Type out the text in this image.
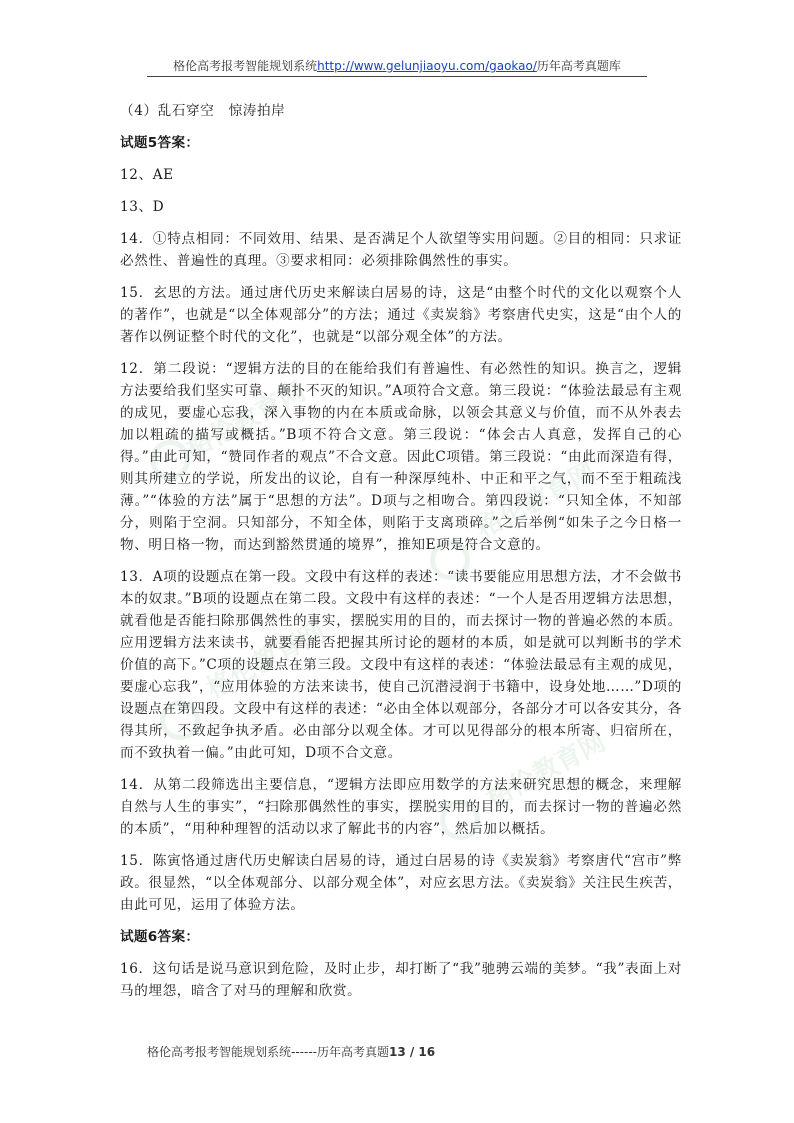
格伦高考报考智能规划系统http://www.gelunjiaoyu.com/gaokao/历年高考真题库
格伦教育网
格伦教育网
格伦教育网
格伦教育网

（4）乱石穿空　惊涛拍岸

试题5答案：

12、AE

13、D

14．①特点相同：不同效用、结果、是否满足个人欲望等实用问题。②目的相同：只求证必然性、普遍性的真理。③要求相同：必须排除偶然性的事实。

15．玄思的方法。通过唐代历史来解读白居易的诗，这是“由整个时代的文化以观察个人的著作”，也就是“以全体观部分”的方法；通过《卖炭翁》考察唐代史实，这是“由个人的著作以例证整个时代的文化”，也就是“以部分观全体”的方法。

12．第二段说：“逻辑方法的目的在能给我们有普遍性、有必然性的知识。换言之，逻辑方法要给我们坚实可靠、颠扑不灭的知识。”A项符合文意。第三段说：“体验法最忌有主观的成见，要虚心忘我，深入事物的内在本质或命脉，以领会其意义与价值，而不从外表去加以粗疏的描写或概括。”B项不符合文意。第三段说：“体会古人真意，发挥自己的心得。”由此可知，“赞同作者的观点”不合文意。因此C项错。第三段说：“由此而深造有得，则其所建立的学说，所发出的议论，自有一种深厚纯朴、中正和平之气，而不至于粗疏浅薄。”“体验的方法”属于“思想的方法”。D项与之相吻合。第四段说：“只知全体，不知部分，则陷于空洞。只知部分，不知全体，则陷于支离琐碎。”之后举例“如朱子之今日格一物、明日格一物，而达到豁然贯通的境界”，推知E项是符合文意的。

13．A项的设题点在第一段。文段中有这样的表述：“读书要能应用思想方法，才不会做书本的奴隶。”B项的设题点在第二段。文段中有这样的表述：“一个人是否用逻辑方法思想，就看他是否能扫除那偶然性的事实，摆脱实用的目的，而去探讨一物的普遍必然的本质。应用逻辑方法来读书，就要看能否把握其所讨论的题材的本质，如是就可以判断书的学术价值的高下。”C项的设题点在第三段。文段中有这样的表述：“体验法最忌有主观的成见，要虚心忘我”，“应用体验的方法来读书，使自己沉潜浸润于书籍中，设身处地……”D项的设题点在第四段。文段中有这样的表述：“必由全体以观部分，各部分才可以各安其分，各得其所，不致起争执矛盾。必由部分以观全体。才可以见得部分的根本所寄、归宿所在，而不致执着一偏。”由此可知，D项不合文意。

14．从第二段筛选出主要信息，“逻辑方法即应用数学的方法来研究思想的概念，来理解自然与人生的事实”，“扫除那偶然性的事实，摆脱实用的目的，而去探讨一物的普遍必然的本质”，“用种种理智的活动以求了解此书的内容”，然后加以概括。

15．陈寅恪通过唐代历史解读白居易的诗，通过白居易的诗《卖炭翁》考察唐代“宫市”弊政。很显然，“以全体观部分、以部分观全体”，对应玄思方法。《卖炭翁》关注民生疾苦，由此可见，运用了体验方法。

试题6答案：

16．这句话是说马意识到危险，及时止步，却打断了“我”驰骋云端的美梦。“我”表面上对马的埋怨，暗含了对马的理解和欣赏。

格伦高考报考智能规划系统------历年高考真题13 / 16
